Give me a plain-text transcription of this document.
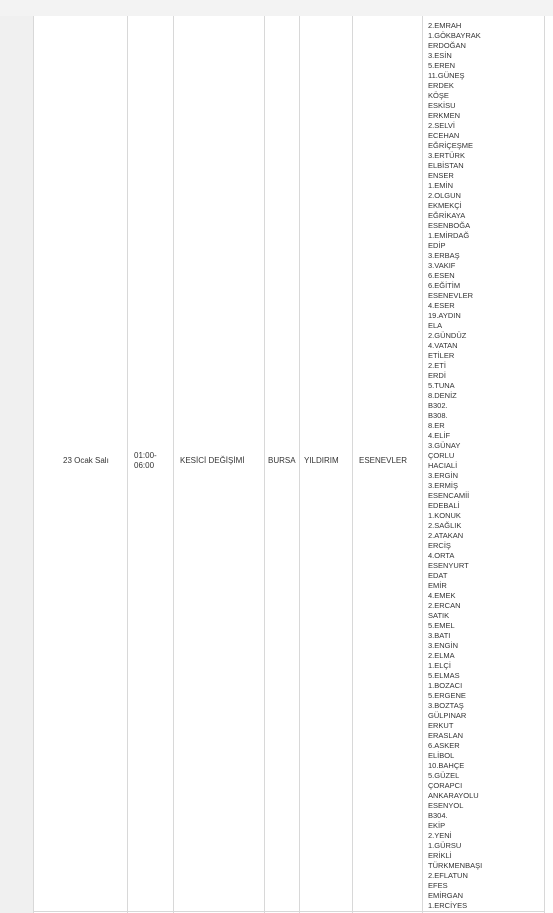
23 Ocak Salı
01:00-
06:00
KESİCİ DEĞİŞİMİ	BURSA YILDIRIM	ESENEVLER
2.EMRAH
1.GÖKBAYRAK
ERDOĞAN
3.ESİN
5.EREN
11.GÜNEŞ
ERDEK
KÖŞE
ESKİSU
ERKMEN
2.SELVİ
ECEHAN
EĞRİÇEŞME
3.ERTÜRK
ELBİSTAN
ENSER
1.EMİN
2.OLGUN
EKMEKÇİ
EĞRİKAYA
ESENBOĞA
1.EMİRDAĞ
EDİP
3.ERBAŞ
3.VAKIF
6.ESEN
6.EĞİTİM
ESENEVLER
4.ESER
19.AYDIN
ELA
2.GÜNDÜZ
4.VATAN
ETİLER
2.ETİ
ERDİ
5.TUNA
8.DENİZ
B302.
B308.
8.ER
4.ELİF
3.GÜNAY
ÇORLU
HACIALİ
3.ERGİN
3.ERMİŞ
ESENCAMİİ
EDEBALİ
1.KONUK
2.SAĞLIK
2.ATAKAN
ERCİŞ
4.ORTA
ESENYURT
EDAT
EMİR
4.EMEK
2.ERCAN
SATIK
5.EMEL
3.BATI
3.ENGİN
2.ELMA
1.ELÇİ
5.ELMAS
1.BOZACI
5.ERGENE
3.BOZTAŞ
GÜLPINAR
ERKUT
ERASLAN
6.ASKER
ELİBOL
10.BAHÇE
5.GÜZEL
ÇORAPCI
ANKARAYOLU
ESENYOL
B304.
EKİP
2.YENİ
1.GÜRSU
ERİKLİ
TÜRKMENBAŞI
2.EFLATUN
EFES
EMİRGAN
1.ERCİYES
